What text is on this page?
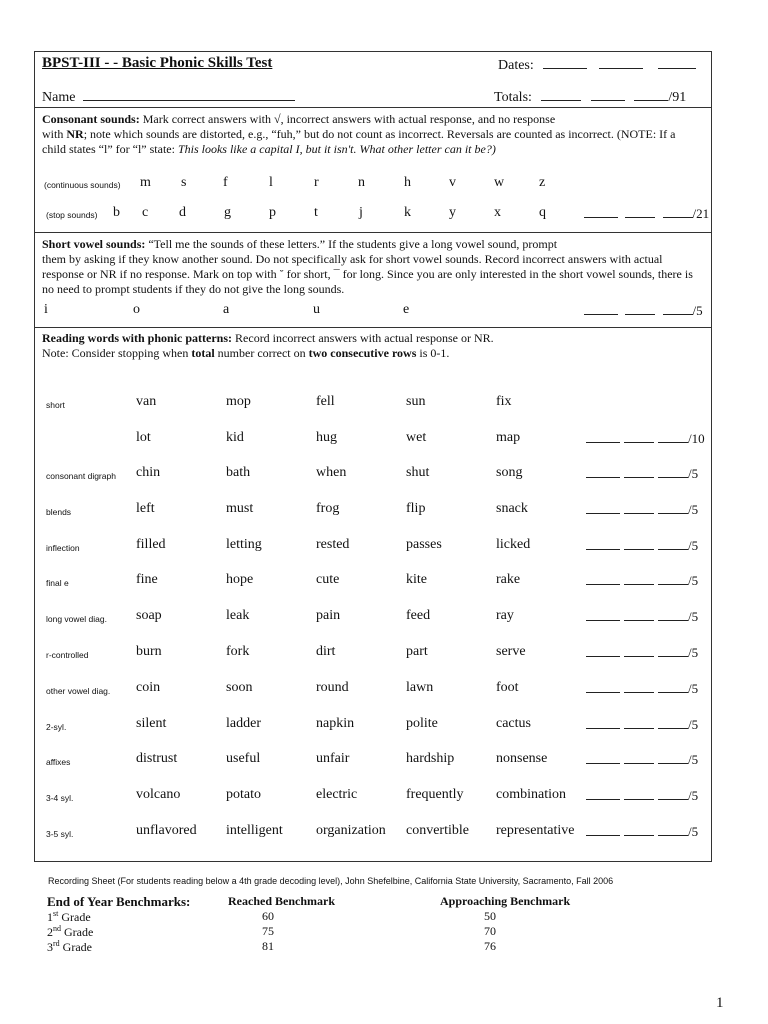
BPST-III - - Basic Phonic Skills Test	Dates:
Name	Totals:	/91
Consonant sounds: Mark correct answers with √, incorrect answers with actual response, and no response
with NR; note which sounds are distorted, e.g., “fuh,” but do not count as incorrect. Reversals are counted as incorrect. (NOTE: If a
child states “l” for “l” state: This looks like a capital I, but it isn't. What other letter can it be?)
(continuous sounds) m s	f	l	r	n	h	v	w z
(stop sounds) b c d	g	p	t	j	k	y	x	q	/21
Short vowel sounds: “Tell me the sounds of these letters.” If the students give a long vowel sound, prompt
them by asking if they know another sound. Do not specifically ask for short vowel sounds. Record incorrect answers with actual
response or NR if no response. Mark on top with ˘ for short, ¯ for long. Since you are only interested in the short vowel sounds, there is
no need to prompt students if they do not give the long sounds.
i	o	a	u	e	/5
Reading words with phonic patterns: Record incorrect answers with actual response or NR.
Note: Consider stopping when total number correct on two consecutive rows is 0-1.
short	van	mop	fell	sun	fix
lot	kid	hug	wet	map	/10
consonant digraph chin	bath	when	shut	song	/5
blends	left	must	frog	flip	snack	/5
inflection	filled	letting	rested	passes	licked	/5
final e	fine	hope	cute	kite	rake	/5
long vowel diag. soap	leak	pain	feed	ray	/5
r-controlled	burn	fork	dirt	part	serve	/5
other vowel diag. coin	soon	round	lawn	foot	/5
2-syl.	silent	ladder	napkin	polite	cactus	/5
affixes	distrust	useful	unfair	hardship	nonsense	/5
3-4 syl.	volcano	potato	electric	frequently combination	/5
3-5 syl.	unflavored intelligent organization convertible representative	/5
Recording Sheet (For students reading below a 4th grade decoding level), John Shefelbine, California State University, Sacramento, Fall 2006
End of Year Benchmarks:	Reached Benchmark	Approaching Benchmark
1st Grade	60	50
2nd Grade	75	70
3rd Grade	81	76
1
